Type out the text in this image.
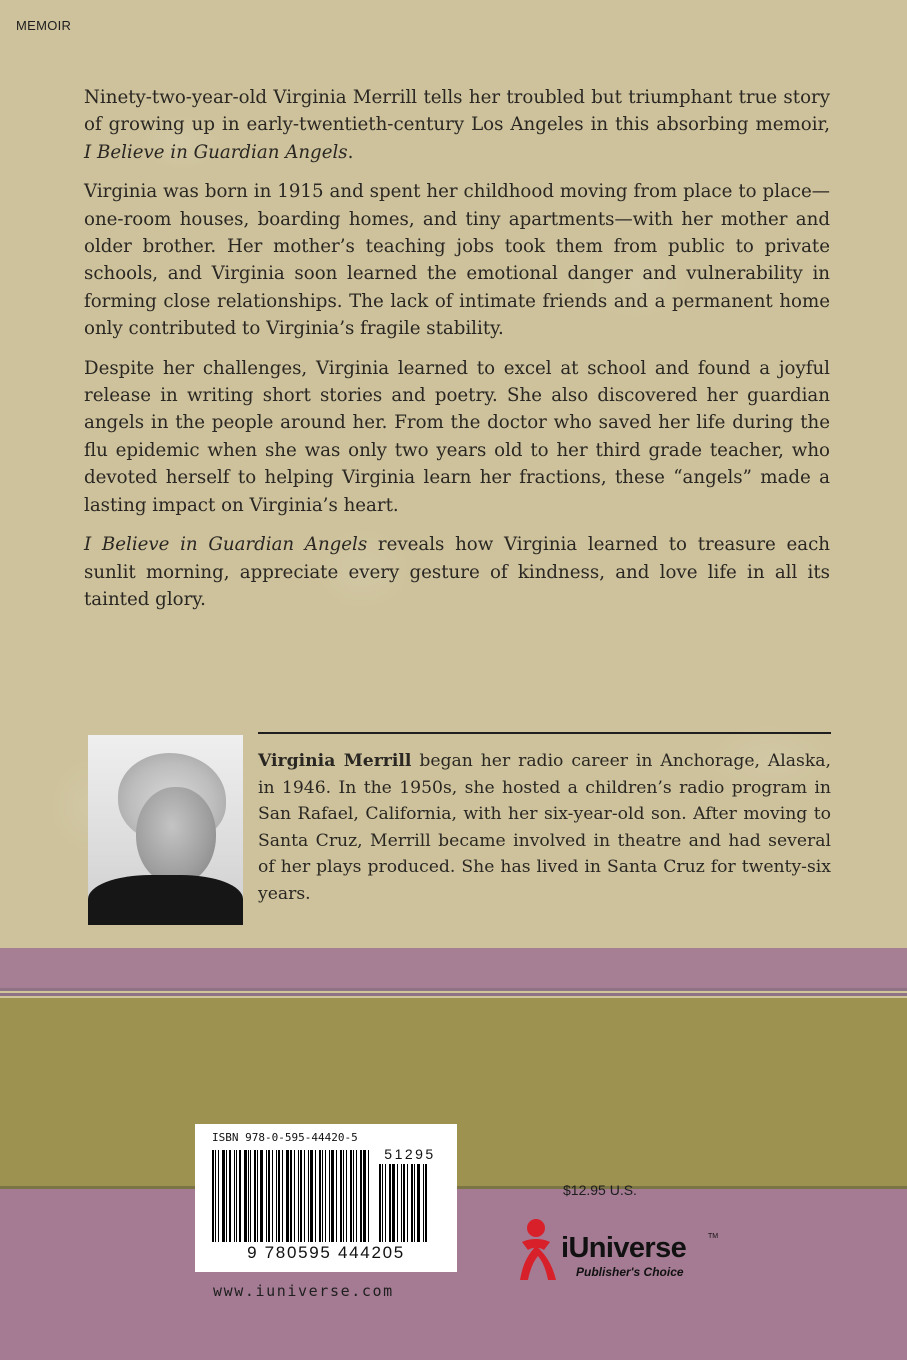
MEMOIR

Ninety-two-year-old Virginia Merrill tells her troubled but triumphant true story of growing up in early-twentieth-century Los Angeles in this absorbing memoir, I Believe in Guardian Angels.

Virginia was born in 1915 and spent her childhood moving from place to place—one-room houses, boarding homes, and tiny apartments—with her mother and older brother. Her mother’s teaching jobs took them from public to private schools, and Virginia soon learned the emotional danger and vulnerability in forming close relationships. The lack of intimate friends and a permanent home only contributed to Virginia’s fragile stability.

Despite her challenges, Virginia learned to excel at school and found a joyful release in writing short stories and poetry. She also discovered her guardian angels in the people around her. From the doctor who saved her life during the flu epidemic when she was only two years old to her third grade teacher, who devoted herself to helping Virginia learn her fractions, these “angels” made a lasting impact on Virginia’s heart.

I Believe in Guardian Angels reveals how Virginia learned to treasure each sunlit morning, appreciate every gesture of kindness, and love life in all its tainted glory.

Virginia Merrill began her radio career in Anchorage, Alaska, in 1946. In the 1950s, she hosted a children’s radio program in San Rafael, California, with her six-year-old son. After moving to Santa Cruz, Merrill became involved in theatre and had several of her plays produced. She has lived in Santa Cruz for twenty-six years.
ISBN 978-0-595-44420-5
51295
9 780595 444205
www.iuniverse.com
$12.95 U.S.
iUniverse	TM
Publisher's Choice
